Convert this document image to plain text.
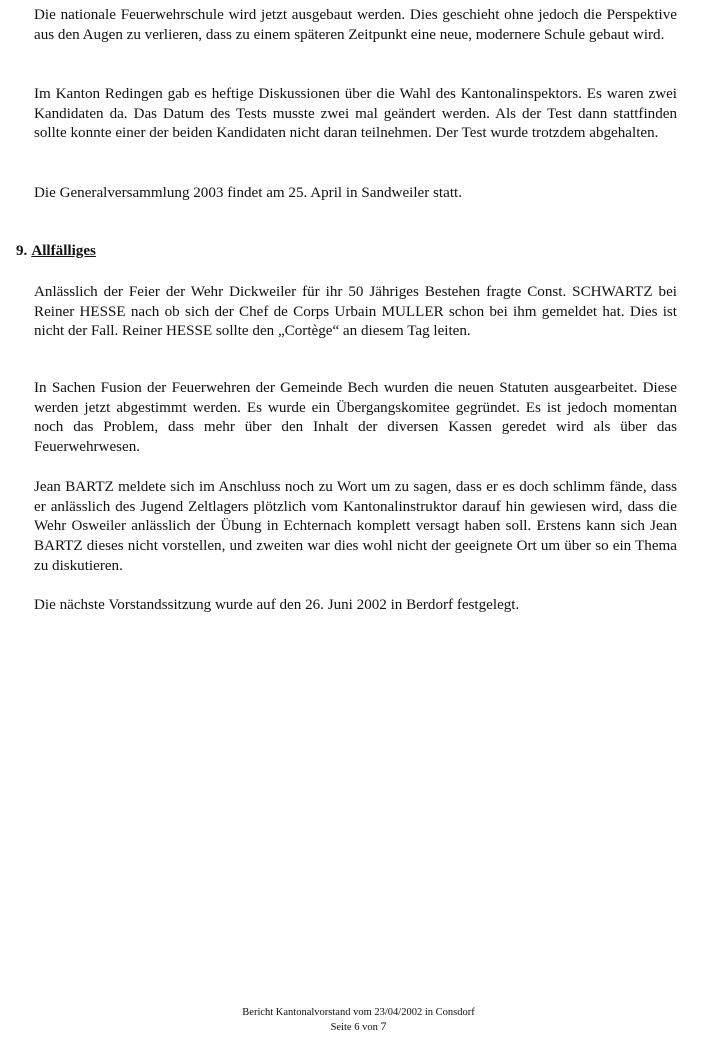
Die nationale Feuerwehrschule wird jetzt ausgebaut werden. Dies geschieht ohne jedoch die Perspektive aus den Augen zu verlieren, dass zu einem späteren Zeitpunkt eine neue, modernere Schule gebaut wird.

Im Kanton Redingen gab es heftige Diskussionen über die Wahl des Kantonalinspektors. Es waren zwei Kandidaten da. Das Datum des Tests musste zwei mal geändert werden. Als der Test dann stattfinden sollte konnte einer der beiden Kandidaten nicht daran teilnehmen. Der Test wurde trotzdem abgehalten.

Die Generalversammlung 2003 findet am 25. April in Sandweiler statt.

9. Allfälliges

Anlässlich der Feier der Wehr Dickweiler für ihr 50 Jähriges Bestehen fragte Const. SCHWARTZ bei Reiner HESSE nach ob sich der Chef de Corps Urbain MULLER schon bei ihm gemeldet hat. Dies ist nicht der Fall. Reiner HESSE sollte den „Cortège“ an diesem Tag leiten.

In Sachen Fusion der Feuerwehren der Gemeinde Bech wurden die neuen Statuten ausgearbeitet. Diese werden jetzt abgestimmt werden. Es wurde ein Übergangskomitee gegründet. Es ist jedoch momentan noch das Problem, dass mehr über den Inhalt der diversen Kassen geredet wird als über das Feuerwehrwesen.

Jean BARTZ meldete sich im Anschluss noch zu Wort um zu sagen, dass er es doch schlimm fände, dass er anlässlich des Jugend Zeltlagers plötzlich vom Kantonalinstruktor darauf hin gewiesen wird, dass die Wehr Osweiler anlässlich der Übung in Echternach komplett versagt haben soll. Erstens kann sich Jean BARTZ dieses nicht vorstellen, und zweiten war dies wohl nicht der geeignete Ort um über so ein Thema zu diskutieren.

Die nächste Vorstandssitzung wurde auf den 26. Juni 2002 in Berdorf festgelegt.

Bericht Kantonalvorstand vom 23/04/2002 in Consdorf
Seite 6 von 7
